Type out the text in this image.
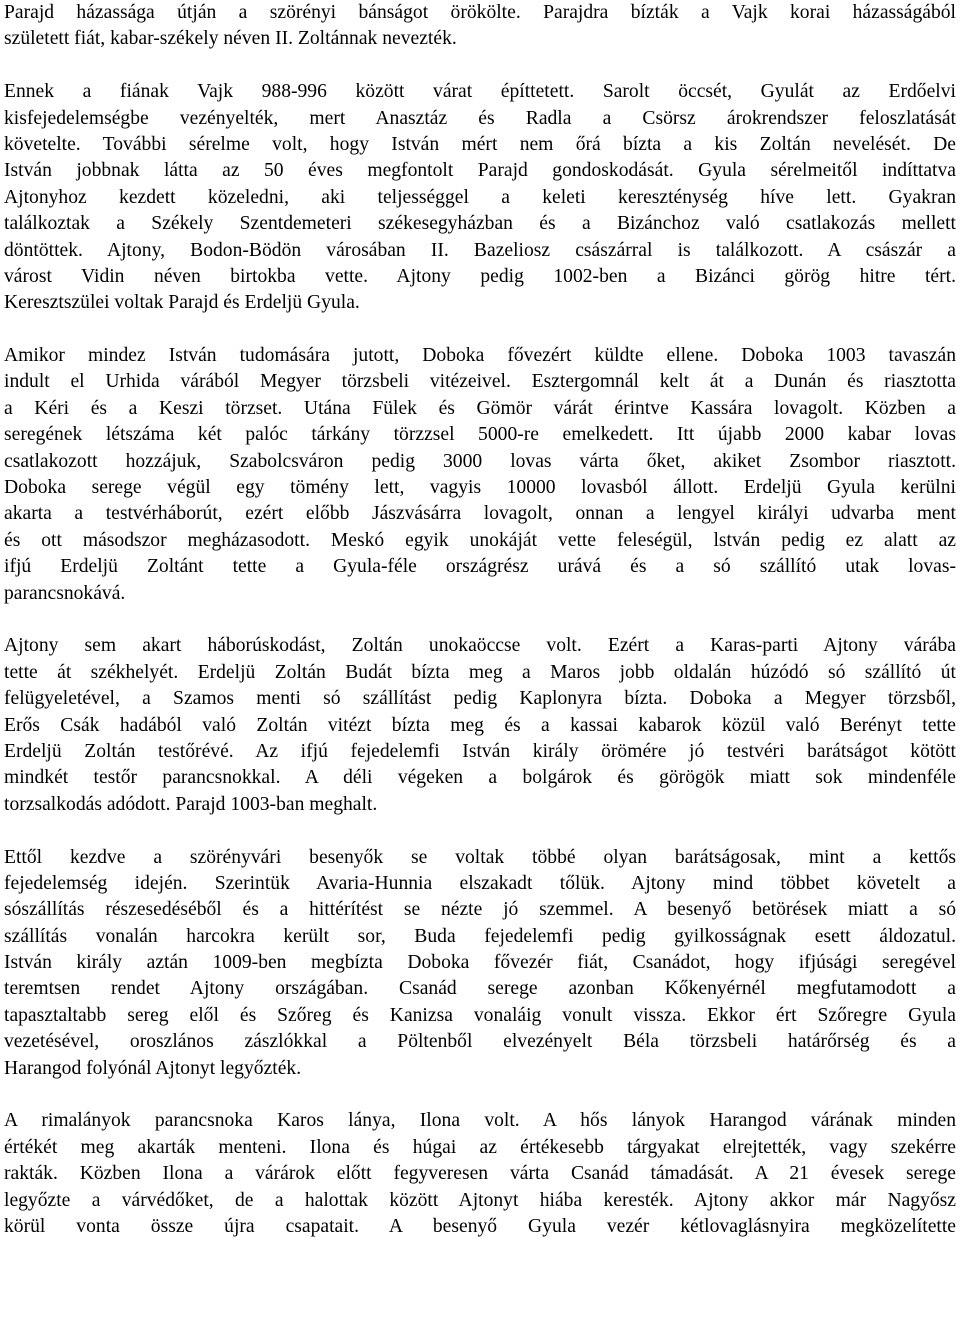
Parajd házassága útján a szörényi bánságot örökölte. Parajdra bízták a Vajk korai házasságából
született fiát, kabar-székely néven II. Zoltánnak nevezték.
Ennek a fiának Vajk 988-996 között várat építtetett. Sarolt öccsét, Gyulát az Erdőelvi
kisfejedelemségbe vezényelték, mert Anasztáz és Radla a Csörsz árokrendszer feloszlatását
követelte. További sérelme volt, hogy István mért nem őrá bízta a kis Zoltán nevelését. De
István jobbnak látta az 50 éves megfontolt Parajd gondoskodását. Gyula sérelmeitől indíttatva
Ajtonyhoz kezdett közeledni, aki teljességgel a keleti kereszténység híve lett. Gyakran
találkoztak a Székely Szentdemeteri székesegyházban és a Bizánchoz való csatlakozás mellett
döntöttek. Ajtony, Bodon-Bödön városában II. Bazeliosz császárral is találkozott. A császár a
várost Vidin néven birtokba vette. Ajtony pedig 1002-ben a Bizánci görög hitre tért.
Keresztszülei voltak Parajd és Erdeljü Gyula.
Amikor mindez István tudomására jutott, Doboka fővezért küldte ellene. Doboka 1003 tavaszán
indult el Urhida várából Megyer törzsbeli vitézeivel. Esztergomnál kelt át a Dunán és riasztotta
a Kéri és a Keszi törzset. Utána Fülek és Gömör várát érintve Kassára lovagolt. Közben a
seregének létszáma két palóc tárkány törzzsel 5000-re emelkedett. Itt újabb 2000 kabar lovas
csatlakozott hozzájuk, Szabolcsváron pedig 3000 lovas várta őket, akiket Zsombor riasztott.
Doboka serege végül egy tömény lett, vagyis 10000 lovasból állott. Erdeljü Gyula kerülni
akarta a testvérháborút, ezért előbb Jászvásárra lovagolt, onnan a lengyel királyi udvarba ment
és ott másodszor megházasodott. Meskó egyik unokáját vette feleségül, lstván pedig ez alatt az
ifjú Erdeljü Zoltánt tette a Gyula-féle országrész urává és a só szállító utak lovas-
parancsnokává.
Ajtony sem akart háborúskodást, Zoltán unokaöccse volt. Ezért a Karas-parti Ajtony várába
tette át székhelyét. Erdeljü Zoltán Budát bízta meg a Maros jobb oldalán húzódó só szállító út
felügyeletével, a Szamos menti só szállítást pedig Kaplonyra bízta. Doboka a Megyer törzsből,
Erős Csák hadából való Zoltán vitézt bízta meg és a kassai kabarok közül való Berényt tette
Erdeljü Zoltán testőrévé. Az ifjú fejedelemfi István király örömére jó testvéri barátságot kötött
mindkét testőr parancsnokkal. A déli végeken a bolgárok és görögök miatt sok mindenféle
torzsalkodás adódott. Parajd 1003-ban meghalt.
Ettől kezdve a szörényvári besenyők se voltak többé olyan barátságosak, mint a kettős
fejedelemség idején. Szerintük Avaria-Hunnia elszakadt tőlük. Ajtony mind többet követelt a
sószállítás részesedéséből és a hittérítést se nézte jó szemmel. A besenyő betörések miatt a só
szállítás vonalán harcokra került sor, Buda fejedelemfi pedig gyilkosságnak esett áldozatul.
István király aztán 1009-ben megbízta Doboka fővezér fiát, Csanádot, hogy ifjúsági seregével
teremtsen rendet Ajtony országában. Csanád serege azonban Kőkenyérnél megfutamodott a
tapasztaltabb sereg elől és Szőreg és Kanizsa vonaláig vonult vissza. Ekkor ért Szőregre Gyula
vezetésével, oroszlános zászlókkal a Pöltenből elvezényelt Béla törzsbeli határőrség és a
Harangod folyónál Ajtonyt legyőzték.
A rimalányok parancsnoka Karos lánya, Ilona volt. A hős lányok Harangod várának minden
értékét meg akarták menteni. Ilona és húgai az értékesebb tárgyakat elrejtették, vagy szekérre
rakták. Közben Ilona a várárok előtt fegyveresen várta Csanád támadását. A 21 évesek serege
legyőzte a várvédőket, de a halottak között Ajtonyt hiába keresték. Ajtony akkor már Nagyősz
körül vonta össze újra csapatait. A besenyő Gyula vezér kétlovaglásnyira megközelítette
